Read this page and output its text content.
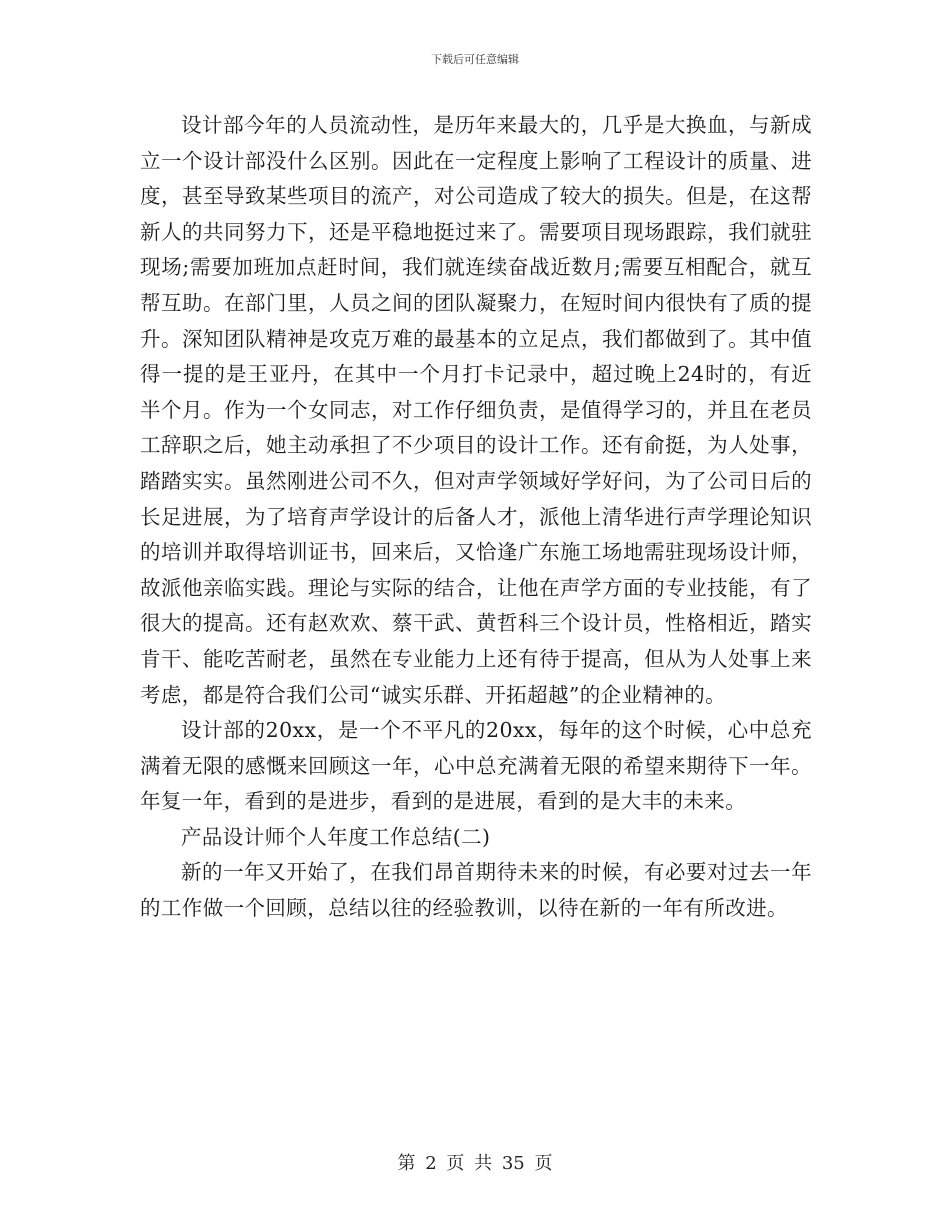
下载后可任意编辑

设计部今年的人员流动性，是历年来最大的，几乎是大换血，与新成立一个设计部没什么区别。因此在一定程度上影响了工程设计的质量、进度，甚至导致某些项目的流产，对公司造成了较大的损失。但是，在这帮新人的共同努力下，还是平稳地挺过来了。需要项目现场跟踪，我们就驻现场;需要加班加点赶时间，我们就连续奋战近数月;需要互相配合，就互帮互助。在部门里，人员之间的团队凝聚力，在短时间内很快有了质的提升。深知团队精神是攻克万难的最基本的立足点，我们都做到了。其中值得一提的是王亚丹，在其中一个月打卡记录中，超过晚上24时的，有近半个月。作为一个女同志，对工作仔细负责，是值得学习的，并且在老员工辞职之后，她主动承担了不少项目的设计工作。还有俞挺，为人处事，踏踏实实。虽然刚进公司不久，但对声学领域好学好问，为了公司日后的长足进展，为了培育声学设计的后备人才，派他上清华进行声学理论知识的培训并取得培训证书，回来后，又恰逢广东施工场地需驻现场设计师，故派他亲临实践。理论与实际的结合，让他在声学方面的专业技能，有了很大的提高。还有赵欢欢、蔡干武、黄哲科三个设计员，性格相近，踏实肯干、能吃苦耐老，虽然在专业能力上还有待于提高，但从为人处事上来考虑，都是符合我们公司“诚实乐群、开拓超越”的企业精神的。

设计部的20xx，是一个不平凡的20xx，每年的这个时候，心中总充满着无限的感慨来回顾这一年，心中总充满着无限的希望来期待下一年。年复一年，看到的是进步，看到的是进展，看到的是大丰的未来。

产品设计师个人年度工作总结(二)

新的一年又开始了，在我们昂首期待未来的时候，有必要对过去一年的工作做一个回顾，总结以往的经验教训，以待在新的一年有所改进。

第 2 页 共 35 页
